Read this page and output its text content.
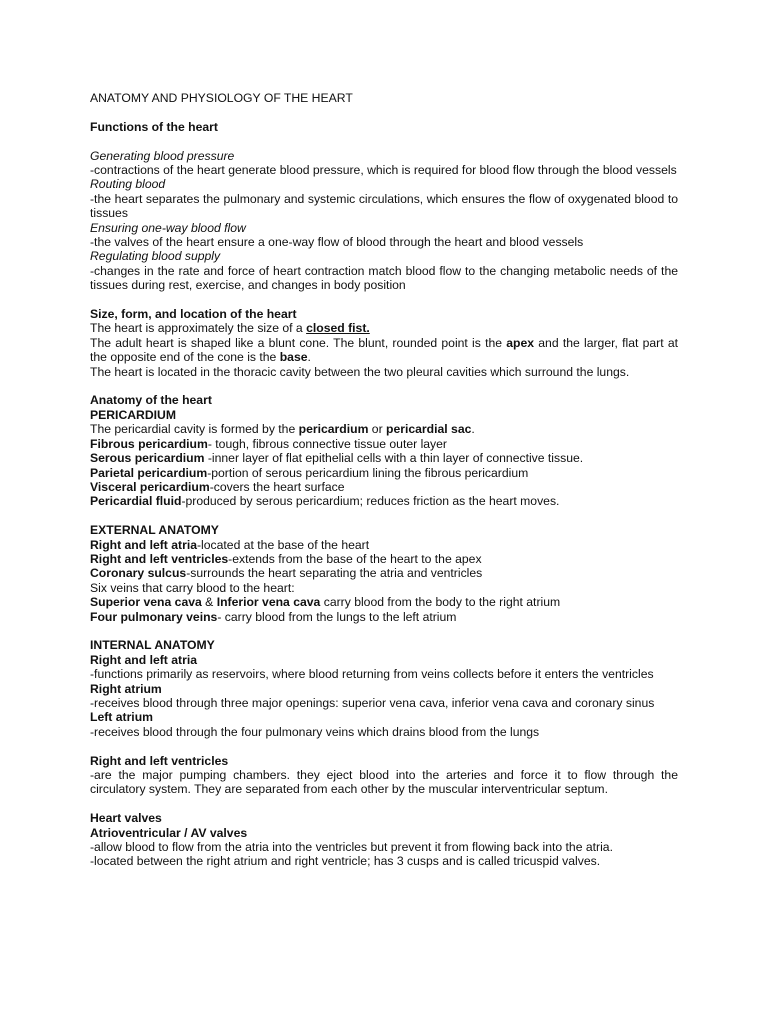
ANATOMY AND PHYSIOLOGY OF THE HEART
Functions of the heart
Generating blood pressure
-contractions of the heart generate blood pressure, which is required for blood flow through the blood vessels
Routing blood
-the heart separates the pulmonary and systemic circulations, which ensures the flow of oxygenated blood to tissues
Ensuring one-way blood flow
-the valves of the heart ensure a one-way flow of blood through the heart and blood vessels
Regulating blood supply
-changes in the rate and force of heart contraction match blood flow to the changing metabolic needs of the tissues during rest, exercise, and changes in body position
Size, form, and location of the heart
The heart is approximately the size of a closed fist.
The adult heart is shaped like a blunt cone. The blunt, rounded point is the apex and the larger, flat part at the opposite end of the cone is the base.
The heart is located in the thoracic cavity between the two pleural cavities which surround the lungs.
Anatomy of the heart
PERICARDIUM
The pericardial cavity is formed by the pericardium or pericardial sac.
Fibrous pericardium- tough, fibrous connective tissue outer layer
Serous pericardium -inner layer of flat epithelial cells with a thin layer of connective tissue.
Parietal pericardium-portion of serous pericardium lining the fibrous pericardium
Visceral pericardium-covers the heart surface
Pericardial fluid-produced by serous pericardium; reduces friction as the heart moves.
EXTERNAL ANATOMY
Right and left atria-located at the base of the heart
Right and left ventricles-extends from the base of the heart to the apex
Coronary sulcus-surrounds the heart separating the atria and ventricles
Six veins that carry blood to the heart:
Superior vena cava & Inferior vena cava carry blood from the body to the right atrium
Four pulmonary veins- carry blood from the lungs to the left atrium
INTERNAL ANATOMY
Right and left atria
-functions primarily as reservoirs, where blood returning from veins collects before it enters the ventricles
Right atrium
-receives blood through three major openings: superior vena cava, inferior vena cava and coronary sinus
Left atrium
-receives blood through the four pulmonary veins which drains blood from the lungs
Right and left ventricles
-are the major pumping chambers. they eject blood into the arteries and force it to flow through the circulatory system. They are separated from each other by the muscular interventricular septum.
Heart valves
Atrioventricular / AV valves
-allow blood to flow from the atria into the ventricles but prevent it from flowing back into the atria.
-located between the right atrium and right ventricle; has 3 cusps and is called tricuspid valves.
